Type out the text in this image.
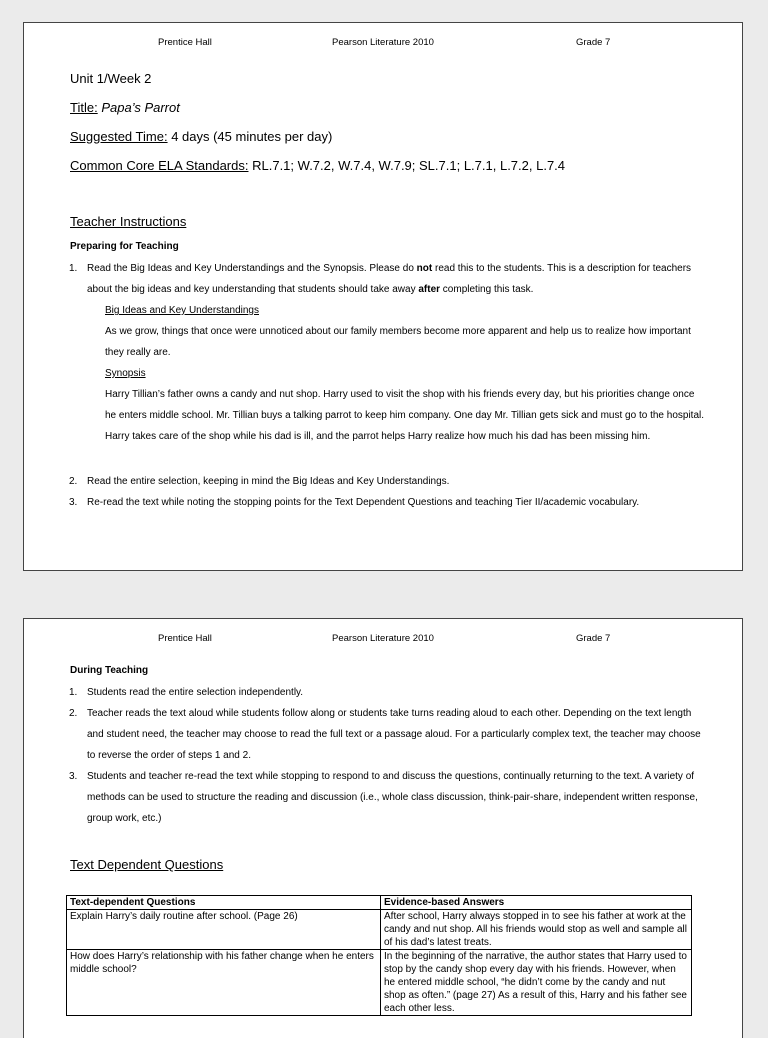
Prentice Hall	Pearson Literature 2010	Grade 7
Unit 1/Week 2
Title: Papa’s Parrot
Suggested Time: 4 days (45 minutes per day)
Common Core ELA Standards: RL.7.1; W.7.2, W.7.4, W.7.9; SL.7.1; L.7.1, L.7.2, L.7.4
Teacher Instructions
Preparing for Teaching
1. Read the Big Ideas and Key Understandings and the Synopsis. Please do not read this to the students. This is a description for teachers about the big ideas and key understanding that students should take away after completing this task.
Big Ideas and Key Understandings
As we grow, things that once were unnoticed about our family members become more apparent and help us to realize how important they really are.
Synopsis
Harry Tillian’s father owns a candy and nut shop. Harry used to visit the shop with his friends every day, but his priorities change once he enters middle school. Mr. Tillian buys a talking parrot to keep him company. One day Mr. Tillian gets sick and must go to the hospital. Harry takes care of the shop while his dad is ill, and the parrot helps Harry realize how much his dad has been missing him.
2. Read the entire selection, keeping in mind the Big Ideas and Key Understandings.
3. Re-read the text while noting the stopping points for the Text Dependent Questions and teaching Tier II/academic vocabulary.
Prentice Hall	Pearson Literature 2010	Grade 7
During Teaching
1. Students read the entire selection independently.
2. Teacher reads the text aloud while students follow along or students take turns reading aloud to each other. Depending on the text length and student need, the teacher may choose to read the full text or a passage aloud. For a particularly complex text, the teacher may choose to reverse the order of steps 1 and 2.
3. Students and teacher re-read the text while stopping to respond to and discuss the questions, continually returning to the text. A variety of methods can be used to structure the reading and discussion (i.e., whole class discussion, think-pair-share, independent written response, group work, etc.)
Text Dependent Questions
Text-dependent Questions	Evidence-based Answers
Explain Harry’s daily routine after school. (Page 26)	After school, Harry always stopped in to see his father at work at the candy and nut shop. All his friends would stop as well and sample all of his dad’s latest treats.
How does Harry’s relationship with his father change when he enters middle school?	In the beginning of the narrative, the author states that Harry used to stop by the candy shop every day with his friends. However, when he entered middle school, “he didn’t come by the candy and nut shop as often.” (page 27) As a result of this, Harry and his father see each other less.
